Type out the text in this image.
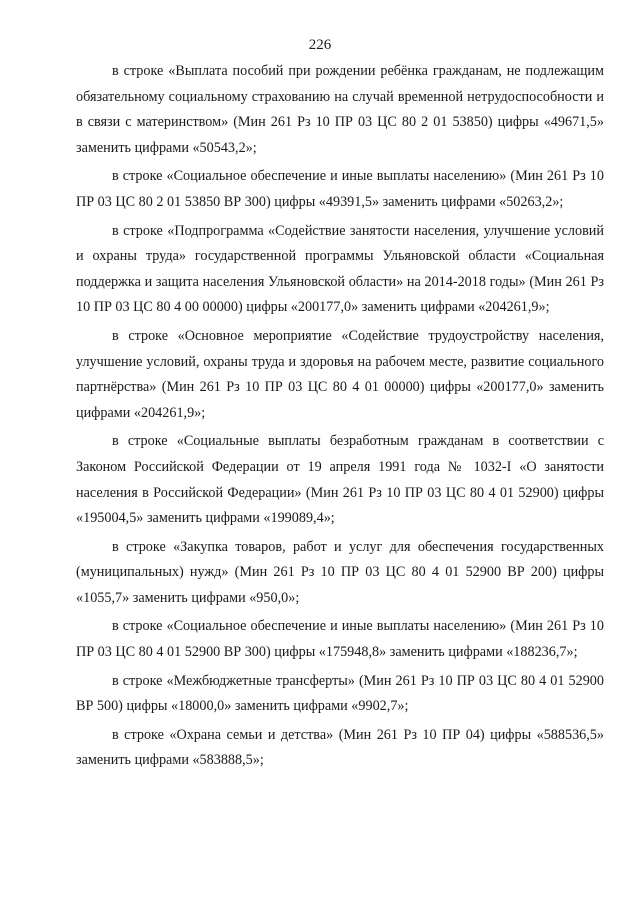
226

в строке «Выплата пособий при рождении ребёнка гражданам, не подлежащим обязательному социальному страхованию на случай временной нетрудоспособности и в связи с материнством» (Мин 261 Рз 10 ПР 03 ЦС 80 2 01 53850) цифры «49671,5» заменить цифрами «50543,2»;

в строке «Социальное обеспечение и иные выплаты населению» (Мин 261 Рз 10 ПР 03 ЦС 80 2 01 53850 ВР 300) цифры «49391,5» заменить цифрами «50263,2»;

в строке «Подпрограмма «Содействие занятости населения, улучшение условий и охраны труда» государственной программы Ульяновской области «Социальная поддержка и защита населения Ульяновской области» на 2014-2018 годы» (Мин 261 Рз 10 ПР 03 ЦС 80 4 00 00000) цифры «200177,0» заменить цифрами «204261,9»;

в строке «Основное мероприятие «Содействие трудоустройству населения, улучшение условий, охраны труда и здоровья на рабочем месте, развитие социального партнёрства» (Мин 261 Рз 10 ПР 03 ЦС 80 4 01 00000) цифры «200177,0» заменить цифрами «204261,9»;

в строке «Социальные выплаты безработным гражданам в соответствии с Законом Российской Федерации от 19 апреля 1991 года № 1032-I «О занятости населения в Российской Федерации» (Мин 261 Рз 10 ПР 03 ЦС 80 4 01 52900) цифры «195004,5» заменить цифрами «199089,4»;

в строке «Закупка товаров, работ и услуг для обеспечения государственных (муниципальных) нужд» (Мин 261 Рз 10 ПР 03 ЦС 80 4 01 52900 ВР 200) цифры «1055,7» заменить цифрами «950,0»;

в строке «Социальное обеспечение и иные выплаты населению» (Мин 261 Рз 10 ПР 03 ЦС 80 4 01 52900 ВР 300) цифры «175948,8» заменить цифрами «188236,7»;

в строке «Межбюджетные трансферты» (Мин 261 Рз 10 ПР 03 ЦС 80 4 01 52900 ВР 500) цифры «18000,0» заменить цифрами «9902,7»;

в строке «Охрана семьи и детства» (Мин 261 Рз 10 ПР 04) цифры «588536,5» заменить цифрами «583888,5»;
